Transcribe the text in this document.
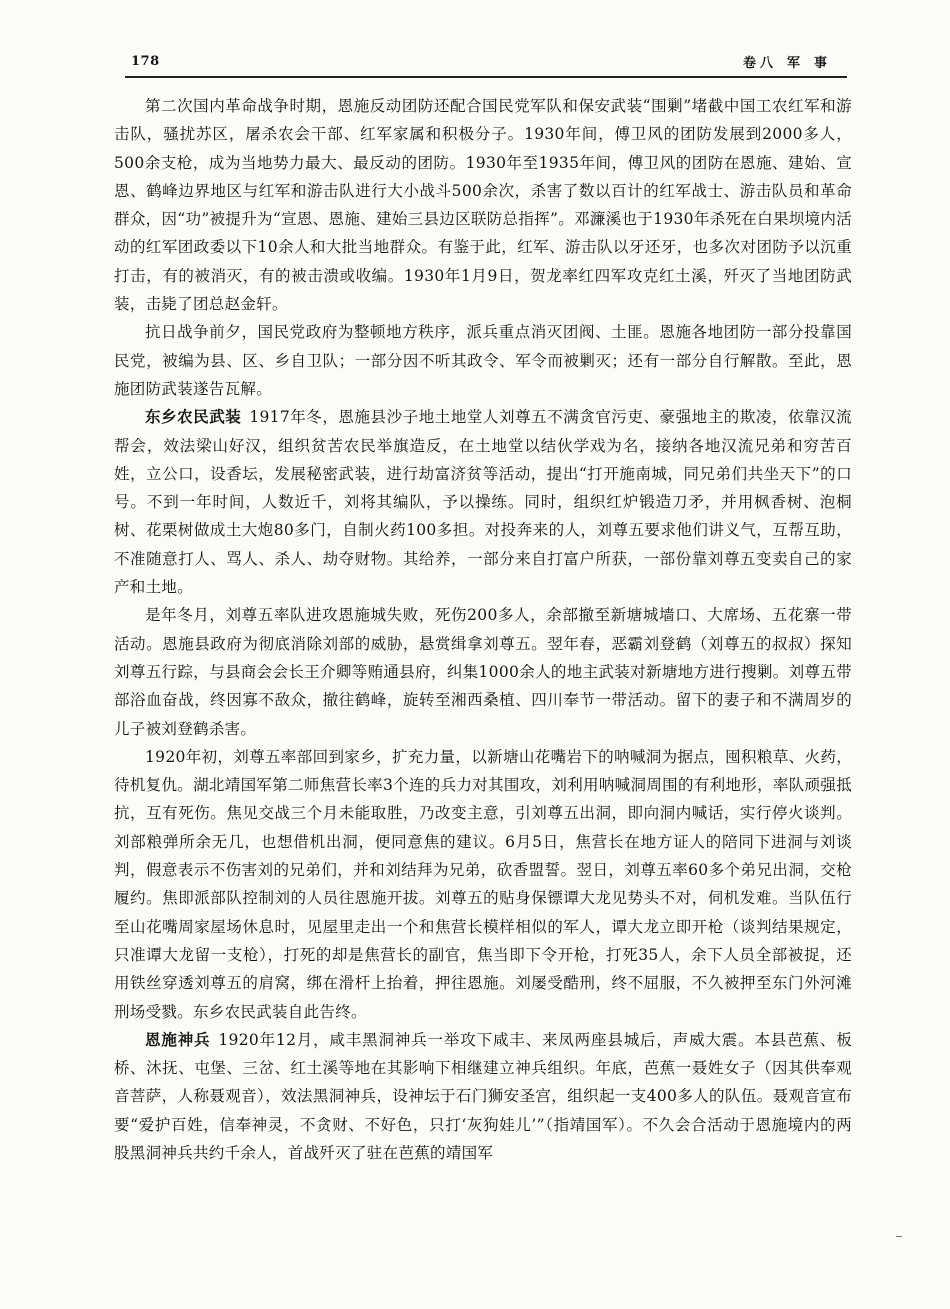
178	卷八 军 事

第二次国内革命战争时期，恩施反动团防还配合国民党军队和保安武装“围剿”堵截中国工农红军和游击队，骚扰苏区，屠杀农会干部、红军家属和积极分子。1930年间，傅卫风的团防发展到2000多人，500余支枪，成为当地势力最大、最反动的团防。1930年至1935年间，傅卫风的团防在恩施、建始、宣恩、鹤峰边界地区与红军和游击队进行大小战斗500余次，杀害了数以百计的红军战士、游击队员和革命群众，因“功”被提升为“宣恩、恩施、建始三县边区联防总指挥”。邓濂溪也于1930年杀死在白果坝境内活动的红军团政委以下10余人和大批当地群众。有鉴于此，红军、游击队以牙还牙，也多次对团防予以沉重打击，有的被消灭，有的被击溃或收编。1930年1月9日，贺龙率红四军攻克红土溪，歼灭了当地团防武装，击毙了团总赵金轩。

抗日战争前夕，国民党政府为整顿地方秩序，派兵重点消灭团阀、土匪。恩施各地团防一部分投靠国民党，被编为县、区、乡自卫队；一部分因不听其政令、军令而被剿灭；还有一部分自行解散。至此，恩施团防武装遂告瓦解。

东乡农民武装 1917年冬，恩施县沙子地土地堂人刘尊五不满贪官污吏、豪强地主的欺凌，依靠汉流帮会，效法梁山好汉，组织贫苦农民举旗造反，在土地堂以结伙学戏为名，接纳各地汉流兄弟和穷苦百姓，立公口，设香坛，发展秘密武装，进行劫富济贫等活动，提出“打开施南城，同兄弟们共坐天下”的口号。不到一年时间，人数近千，刘将其编队，予以操练。同时，组织红炉锻造刀矛，并用枫香树、泡桐树、花栗树做成土大炮80多门，自制火药100多担。对投奔来的人，刘尊五要求他们讲义气，互帮互助，不准随意打人、骂人、杀人、劫夺财物。其给养，一部分来自打富户所获，一部份靠刘尊五变卖自己的家产和土地。

是年冬月，刘尊五率队进攻恩施城失败，死伤200多人，余部撤至新塘城墙口、大席场、五花寨一带活动。恩施县政府为彻底消除刘部的威胁，悬赏缉拿刘尊五。翌年春，恶霸刘登鹤（刘尊五的叔叔）探知刘尊五行踪，与县商会会长王介卿等贿通县府，纠集1000余人的地主武装对新塘地方进行搜剿。刘尊五带部浴血奋战，终因寡不敌众，撤往鹤峰，旋转至湘西桑植、四川奉节一带活动。留下的妻子和不满周岁的儿子被刘登鹤杀害。

1920年初，刘尊五率部回到家乡，扩充力量，以新塘山花嘴岩下的呐喊洞为据点，囤积粮草、火药，待机复仇。湖北靖国军第二师焦营长率3个连的兵力对其围攻，刘利用呐喊洞周围的有利地形，率队顽强抵抗，互有死伤。焦见交战三个月未能取胜，乃改变主意，引刘尊五出洞，即向洞内喊话，实行停火谈判。刘部粮弹所余无几，也想借机出洞，便同意焦的建议。6月5日，焦营长在地方证人的陪同下进洞与刘谈判，假意表示不伤害刘的兄弟们，并和刘结拜为兄弟，砍香盟誓。翌日，刘尊五率60多个弟兄出洞，交枪履约。焦即派部队控制刘的人员往恩施开拔。刘尊五的贴身保镖谭大龙见势头不对，伺机发难。当队伍行至山花嘴周家屋场休息时，见屋里走出一个和焦营长模样相似的军人，谭大龙立即开枪（谈判结果规定，只准谭大龙留一支枪），打死的却是焦营长的副官，焦当即下令开枪，打死35人，余下人员全部被捉，还用铁丝穿透刘尊五的肩窝，绑在滑杆上抬着，押往恩施。刘屡受酷刑，终不屈服，不久被押至东门外河滩刑场受戮。东乡农民武装自此告终。

恩施神兵 1920年12月，咸丰黑洞神兵一举攻下咸丰、来凤两座县城后，声威大震。本县芭蕉、板桥、沐抚、屯堡、三岔、红土溪等地在其影响下相继建立神兵组织。年底，芭蕉一聂姓女子（因其供奉观音菩萨，人称聂观音），效法黑洞神兵，设神坛于石门狮安圣宫，组织起一支400多人的队伍。聂观音宣布要“爱护百姓，信奉神灵，不贪财、不好色，只打‘灰狗娃儿’”（指靖国军）。不久会合活动于恩施境内的两股黑洞神兵共约千余人，首战歼灭了驻在芭蕉的靖国军
